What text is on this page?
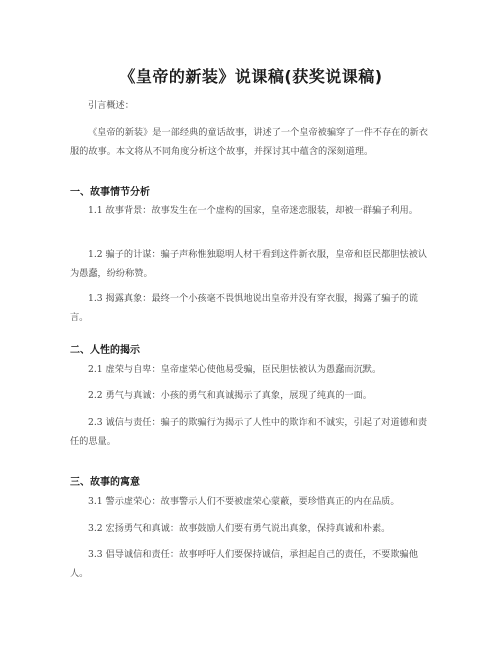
《皇帝的新装》说课稿(获奖说课稿)

引言概述：

《皇帝的新装》是一部经典的童话故事，讲述了一个皇帝被骗穿了一件不存在的新衣服的故事。本文将从不同角度分析这个故事，并探讨其中蕴含的深刻道理。

一、故事情节分析

1.1 故事背景：故事发生在一个虚构的国家，皇帝迷恋服装，却被一群骗子利用。

1.2 骗子的计谋：骗子声称惟独聪明人材干看到这件新衣服，皇帝和臣民都胆怯被认为愚蠢，纷纷称赞。

1.3 揭露真象：最终一个小孩毫不畏惧地说出皇帝并没有穿衣服，揭露了骗子的谎言。

二、人性的揭示

2.1 虚荣与自卑：皇帝虚荣心使他易受骗，臣民胆怯被认为愚蠢而沉默。

2.2 勇气与真诚：小孩的勇气和真诚揭示了真象，展现了纯真的一面。

2.3 诚信与责任：骗子的欺骗行为揭示了人性中的欺诈和不诚实，引起了对道德和责任的思量。

三、故事的寓意

3.1 警示虚荣心：故事警示人们不要被虚荣心蒙蔽，要珍惜真正的内在品质。

3.2 宏扬勇气和真诚：故事鼓励人们要有勇气说出真象，保持真诚和朴素。

3.3 倡导诚信和责任：故事呼吁人们要保持诚信，承担起自己的责任，不要欺骗他人。
